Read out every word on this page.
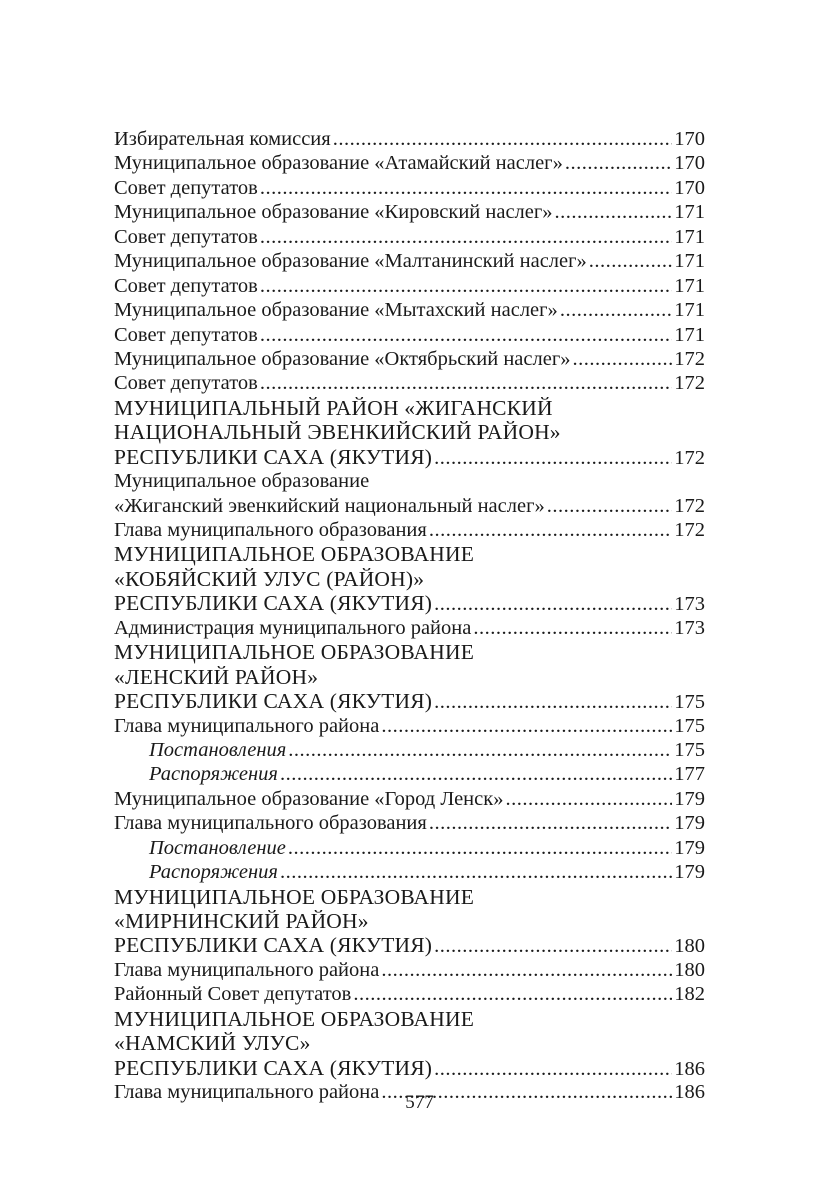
Избирательная комиссия .....	170
Муниципальное образование «Атамайский наслег» .....	170
Совет депутатов .....	170
Муниципальное образование «Кировский наслег» .....	171
Совет депутатов .....	171
Муниципальное образование «Малтанинский наслег» .....	171
Совет депутатов .....	171
Муниципальное образование «Мытахский наслег» .....	171
Совет депутатов .....	171
Муниципальное образование «Октябрьский наслег» .....	172
Совет депутатов .....	172
МУНИЦИПАЛЬНЫЙ РАЙОН «ЖИГАНСКИЙ
НАЦИОНАЛЬНЫЙ ЭВЕНКИЙСКИЙ РАЙОН»
РЕСПУБЛИКИ САХА (ЯКУТИЯ) .....	172
Муниципальное образование
«Жиганский эвенкийский национальный наслег» .....	172
Глава муниципального образования .....	172
МУНИЦИПАЛЬНОЕ ОБРАЗОВАНИЕ
«КОБЯЙСКИЙ УЛУС (РАЙОН)»
РЕСПУБЛИКИ САХА (ЯКУТИЯ) .....	173
Администрация муниципального района .....	173
МУНИЦИПАЛЬНОЕ ОБРАЗОВАНИЕ
«ЛЕНСКИЙ РАЙОН»
РЕСПУБЛИКИ САХА (ЯКУТИЯ) .....	175
Глава муниципального района .....	175
Постановления .....	175
Распоряжения .....	177
Муниципальное образование «Город Ленск» .....	179
Глава муниципального образования .....	179
Постановление .....	179
Распоряжения .....	179
МУНИЦИПАЛЬНОЕ ОБРАЗОВАНИЕ
«МИРНИНСКИЙ РАЙОН»
РЕСПУБЛИКИ САХА (ЯКУТИЯ) .....	180
Глава муниципального района .....	180
Районный Совет депутатов .....	182
МУНИЦИПАЛЬНОЕ ОБРАЗОВАНИЕ
«НАМСКИЙ УЛУС»
РЕСПУБЛИКИ САХА (ЯКУТИЯ) .....	186
Глава муниципального района .....	186
577
